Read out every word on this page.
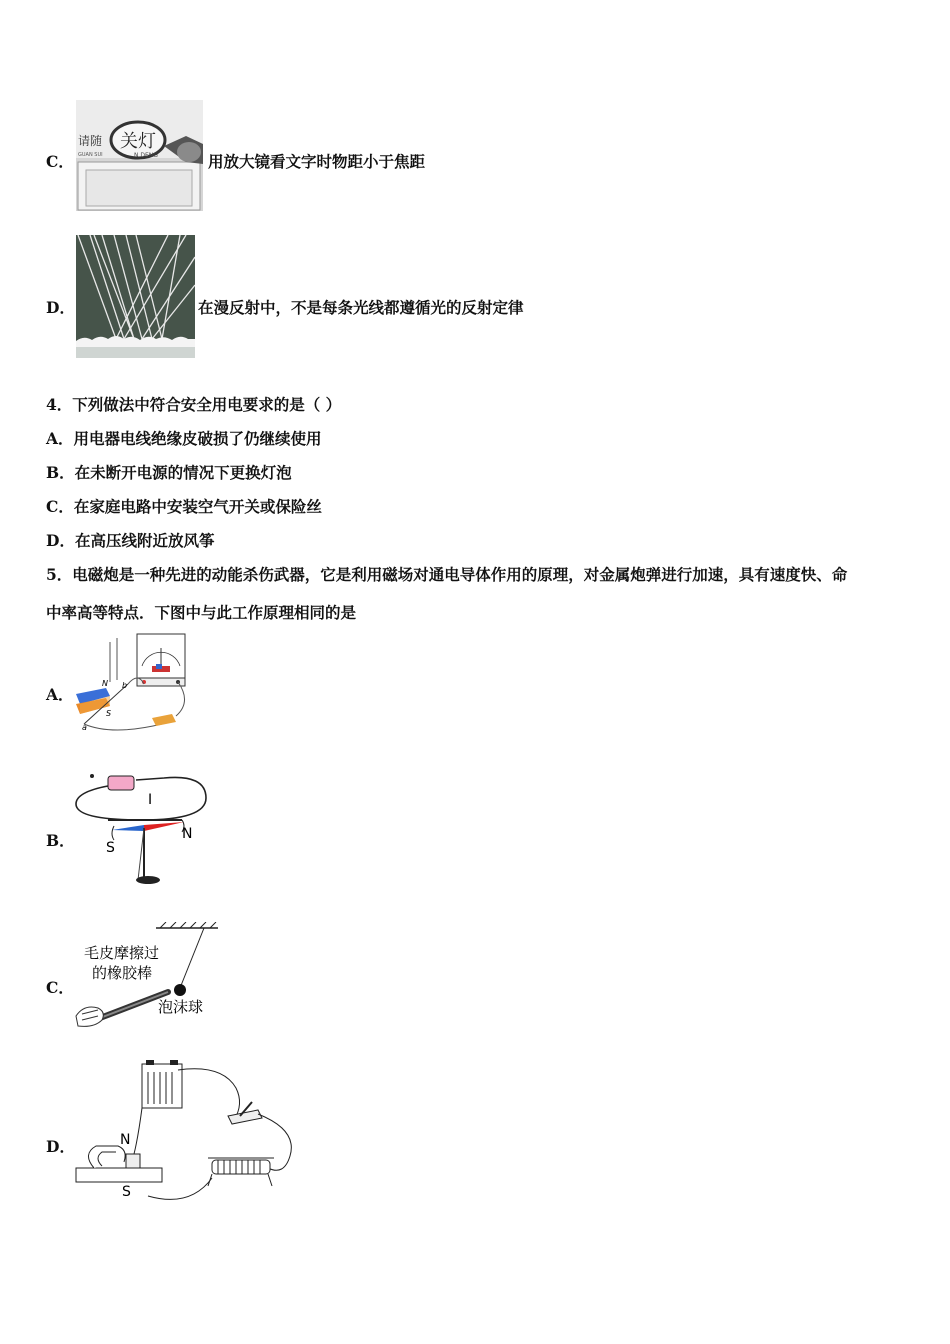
C．
请随
GUAN SUI
关灯
N DENG	用放大镜看文字时物距小于焦距
D．	在漫反射中，不是每条光线都遵循光的反射定律
4．下列做法中符合安全用电要求的是（ ）
A．用电器电线绝缘皮破损了仍继续使用
B．在未断开电源的情况下更换灯泡
C．在家庭电路中安装空气开关或保险丝
D．在高压线附近放风筝
5．电磁炮是一种先进的动能杀伤武器，它是利用磁场对通电导体作用的原理，对金属炮弹进行加速，具有速度快、命
中率高等特点．下图中与此工作原理相同的是
A．
N
S
a
b
B．
I
S
N
C．
毛皮摩擦过
的橡胶棒
泡沫球
D．	N
S
